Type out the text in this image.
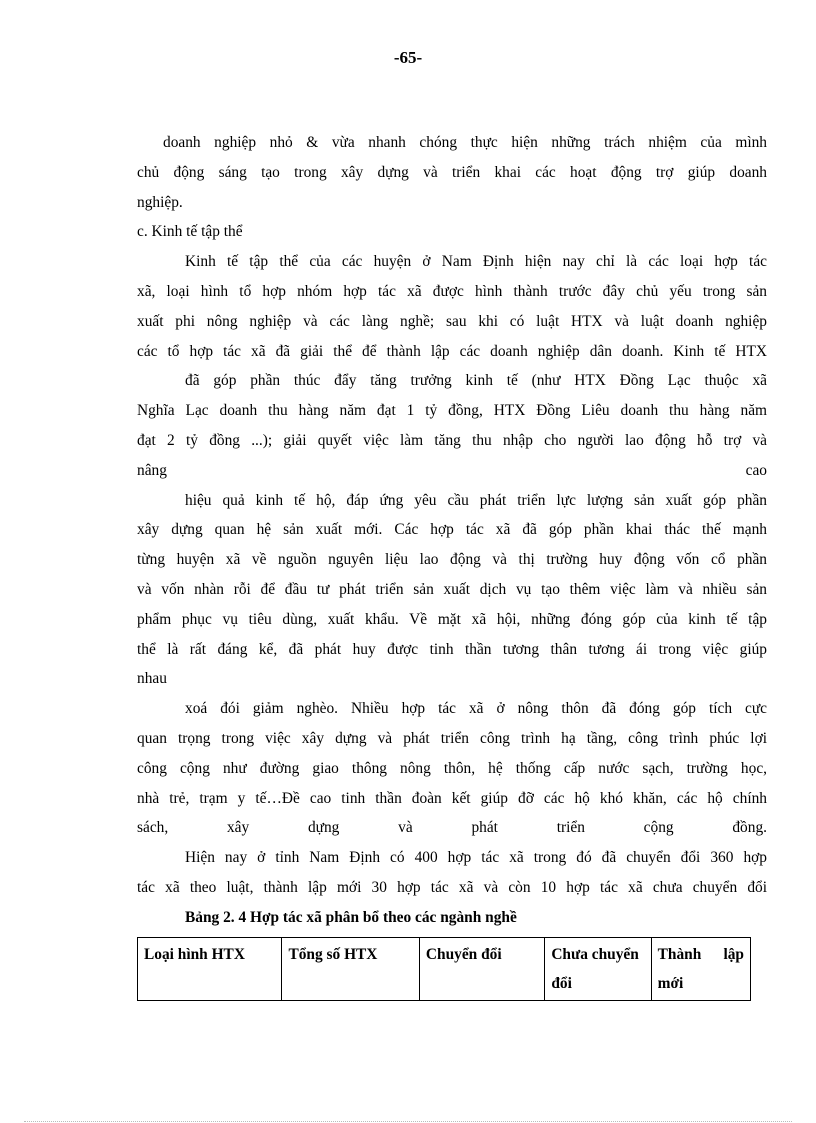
-65-
doanh nghiệp nhỏ & vừa nhanh chóng thực hiện những trách nhiệm của mình
chủ động sáng tạo trong xây dựng và triển khai các hoạt động trợ giúp doanh
nghiệp.
c. Kinh tế tập thể
Kinh tế tập thể của các huyện ở Nam Định hiện nay chỉ là các loại hợp tác
xã, loại hình tổ hợp nhóm hợp tác xã được hình thành trước đây chủ yếu trong sản
xuất phi nông nghiệp và các làng nghề; sau khi có luật HTX và luật doanh nghiệp
các tổ hợp tác xã đã giải thể để thành lập các doanh nghiệp dân doanh. Kinh tế HTX
đã góp phần thúc đẩy tăng trưởng kinh tế (như HTX Đồng Lạc thuộc xã
Nghĩa Lạc doanh thu hàng năm đạt 1 tỷ đồng, HTX Đồng Liêu doanh thu hàng năm
đạt 2 tỷ đồng ...); giải quyết việc làm tăng thu nhập cho người lao động hỗ trợ và
nâng cao
hiệu quả kinh tế hộ, đáp ứng yêu cầu phát triển lực lượng sản xuất góp phần
xây dựng quan hệ sản xuất mới. Các hợp tác xã đã góp phần khai thác thế mạnh
từng huyện xã về nguồn nguyên liệu lao động và thị trường huy động vốn cổ phần
và vốn nhàn rỗi để đầu tư phát triển sản xuất dịch vụ tạo thêm việc làm và nhiều sản
phẩm phục vụ tiêu dùng, xuất khẩu. Về mặt xã hội, những đóng góp của kinh tế tập
thể là rất đáng kể, đã phát huy được tinh thần tương thân tương ái trong việc giúp
nhau
xoá đói giảm nghèo. Nhiều hợp tác xã ở nông thôn đã đóng góp tích cực
quan trọng trong việc xây dựng và phát triển công trình hạ tầng, công trình phúc lợi
công cộng như đường giao thông nông thôn, hệ thống cấp nước sạch, trường học,
nhà trẻ, trạm y tế…Đề cao tinh thần đoàn kết giúp đỡ các hộ khó khăn, các hộ chính
sách, xây dựng và phát triển cộng đồng.
Hiện nay ở tỉnh Nam Định có 400 hợp tác xã trong đó đã chuyển đổi 360 hợp
tác xã theo luật, thành lập mới 30 hợp tác xã và còn 10 hợp tác xã chưa chuyển đổi
Bảng 2. 4 Hợp tác xã phân bổ theo các ngành nghề
Loại hình HTX	Tổng số HTX	Chuyển đổi	Chưa chuyển đổi	Thành lập mới
